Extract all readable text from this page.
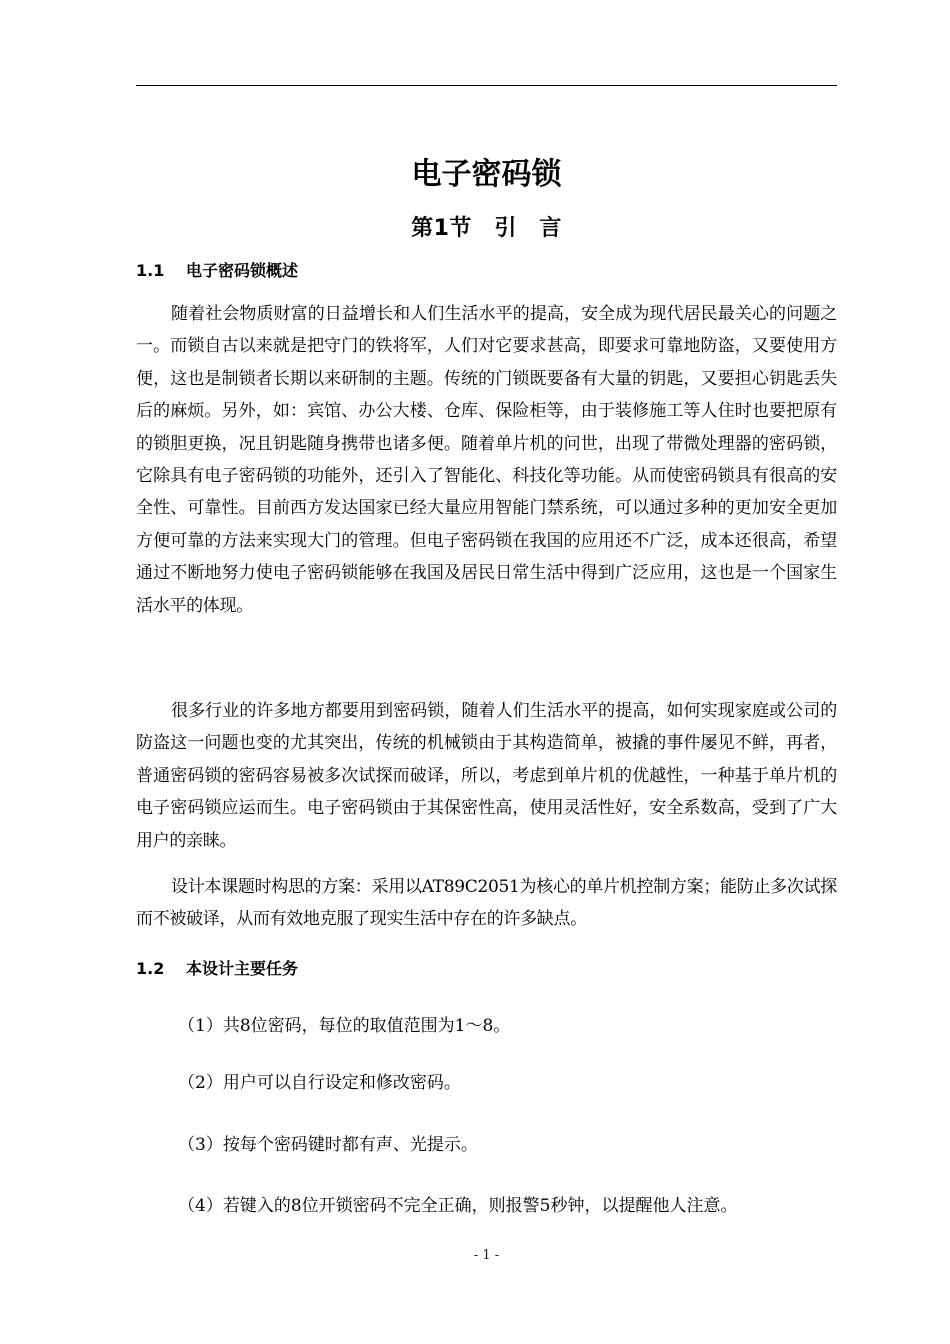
电子密码锁
第1节　引　言
1.1 电子密码锁概述

随着社会物质财富的日益增长和人们生活水平的提高，安全成为现代居民最关心的问题之一。而锁自古以来就是把守门的铁将军，人们对它要求甚高，即要求可靠地防盗，又要使用方便，这也是制锁者长期以来研制的主题。传统的门锁既要备有大量的钥匙，又要担心钥匙丢失后的麻烦。另外，如：宾馆、办公大楼、仓库、保险柜等，由于装修施工等人住时也要把原有的锁胆更换，况且钥匙随身携带也诸多便。随着单片机的问世，出现了带微处理器的密码锁，它除具有电子密码锁的功能外，还引入了智能化、科技化等功能。从而使密码锁具有很高的安全性、可靠性。目前西方发达国家已经大量应用智能门禁系统，可以通过多种的更加安全更加方便可靠的方法来实现大门的管理。但电子密码锁在我国的应用还不广泛，成本还很高，希望通过不断地努力使电子密码锁能够在我国及居民日常生活中得到广泛应用，这也是一个国家生活水平的体现。

很多行业的许多地方都要用到密码锁，随着人们生活水平的提高，如何实现家庭或公司的防盗这一问题也变的尤其突出，传统的机械锁由于其构造简单，被撬的事件屡见不鲜，再者，普通密码锁的密码容易被多次试探而破译，所以，考虑到单片机的优越性，一种基于单片机的电子密码锁应运而生。电子密码锁由于其保密性高，使用灵活性好，安全系数高，受到了广大用户的亲睐。

设计本课题时构思的方案：采用以AT89C2051为核心的单片机控制方案；能防止多次试探而不被破译，从而有效地克服了现实生活中存在的许多缺点。

1.2 本设计主要任务

（1）共8位密码，每位的取值范围为1～8。

（2）用户可以自行设定和修改密码。

（3）按每个密码键时都有声、光提示。

（4）若键入的8位开锁密码不完全正确，则报警5秒钟，以提醒他人注意。

- 1 -
